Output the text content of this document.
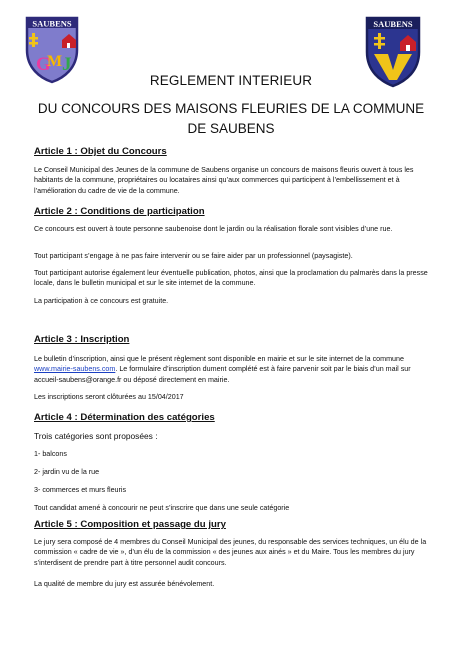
SAUBENS
G
M J
SAUBENS
REGLEMENT INTERIEUR
DU CONCOURS DES MAISONS FLEURIES DE LA COMMUNE DE SAUBENS
Article 1 : Objet du Concours
Le Conseil Municipal des Jeunes de la commune de Saubens organise un concours de maisons fleuris ouvert à tous les habitants de la commune, propriétaires ou locataires ainsi qu’aux commerces qui participent à l’embellissement et à l’amélioration du cadre de vie de la commune.
Article 2 : Conditions de participation
Ce concours est ouvert à toute personne saubenoise dont le jardin ou la réalisation florale sont visibles d’une rue.
Tout participant s’engage à ne pas faire intervenir ou se faire aider par un professionnel (paysagiste).
Tout participant autorise également leur éventuelle publication, photos, ainsi que la proclamation du palmarès dans la presse locale, dans le bulletin municipal et sur le site internet de la commune.
La participation à ce concours est gratuite.
Article 3 : Inscription
Le bulletin d’inscription, ainsi que le présent règlement sont disponible en mairie et sur le site internet de la commune www.mairie-saubens.com. Le formulaire d’inscription dument complété est à faire parvenir soit par le biais d’un mail sur accueil-saubens@orange.fr ou déposé directement en mairie.
Les inscriptions seront clôturées au 15/04/2017
Article 4 : Détermination des catégories
Trois catégories sont proposées :
1- balcons
2- jardin vu de la rue
3- commerces et murs fleuris
Tout candidat amené à concourir ne peut s’inscrire que dans une seule catégorie
Article 5 : Composition et passage du jury
Le jury sera composé de 4 membres du Conseil Municipal des jeunes, du responsable des services techniques, un élu de la commission « cadre de vie », d’un élu de la commission « des jeunes aux ainés » et du Maire. Tous les membres du jury s’interdisent de prendre part à titre personnel audit concours.
La qualité de membre du jury est assurée bénévolement.
